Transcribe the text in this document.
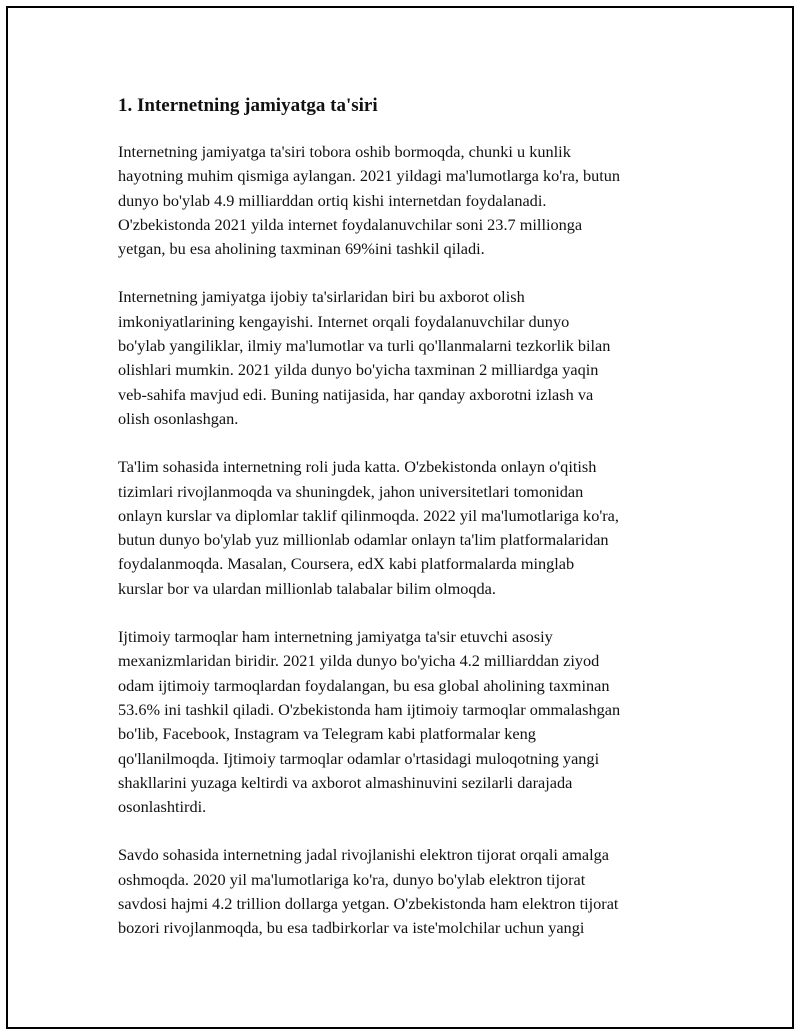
1. Internetning jamiyatga ta'siri

Internetning jamiyatga ta'siri tobora oshib bormoqda, chunki u kunlik
hayotning muhim qismiga aylangan. 2021 yildagi ma'lumotlarga ko'ra, butun
dunyo bo'ylab 4.9 milliarddan ortiq kishi internetdan foydalanadi.
O'zbekistonda 2021 yilda internet foydalanuvchilar soni 23.7 millionga
yetgan, bu esa aholining taxminan 69%ini tashkil qiladi.

Internetning jamiyatga ijobiy ta'sirlaridan biri bu axborot olish
imkoniyatlarining kengayishi. Internet orqali foydalanuvchilar dunyo
bo'ylab yangiliklar, ilmiy ma'lumotlar va turli qo'llanmalarni tezkorlik bilan
olishlari mumkin. 2021 yilda dunyo bo'yicha taxminan 2 milliardga yaqin
veb-sahifa mavjud edi. Buning natijasida, har qanday axborotni izlash va
olish osonlashgan.

Ta'lim sohasida internetning roli juda katta. O'zbekistonda onlayn o'qitish
tizimlari rivojlanmoqda va shuningdek, jahon universitetlari tomonidan
onlayn kurslar va diplomlar taklif qilinmoqda. 2022 yil ma'lumotlariga ko'ra,
butun dunyo bo'ylab yuz millionlab odamlar onlayn ta'lim platformalaridan
foydalanmoqda. Masalan, Coursera, edX kabi platformalarda minglab
kurslar bor va ulardan millionlab talabalar bilim olmoqda.

Ijtimoiy tarmoqlar ham internetning jamiyatga ta'sir etuvchi asosiy
mexanizmlaridan biridir. 2021 yilda dunyo bo'yicha 4.2 milliarddan ziyod
odam ijtimoiy tarmoqlardan foydalangan, bu esa global aholining taxminan
53.6% ini tashkil qiladi. O'zbekistonda ham ijtimoiy tarmoqlar ommalashgan
bo'lib, Facebook, Instagram va Telegram kabi platformalar keng
qo'llanilmoqda. Ijtimoiy tarmoqlar odamlar o'rtasidagi muloqotning yangi
shakllarini yuzaga keltirdi va axborot almashinuvini sezilarli darajada
osonlashtirdi.

Savdo sohasida internetning jadal rivojlanishi elektron tijorat orqali amalga
oshmoqda. 2020 yil ma'lumotlariga ko'ra, dunyo bo'ylab elektron tijorat
savdosi hajmi 4.2 trillion dollarga yetgan. O'zbekistonda ham elektron tijorat
bozori rivojlanmoqda, bu esa tadbirkorlar va iste'molchilar uchun yangi
